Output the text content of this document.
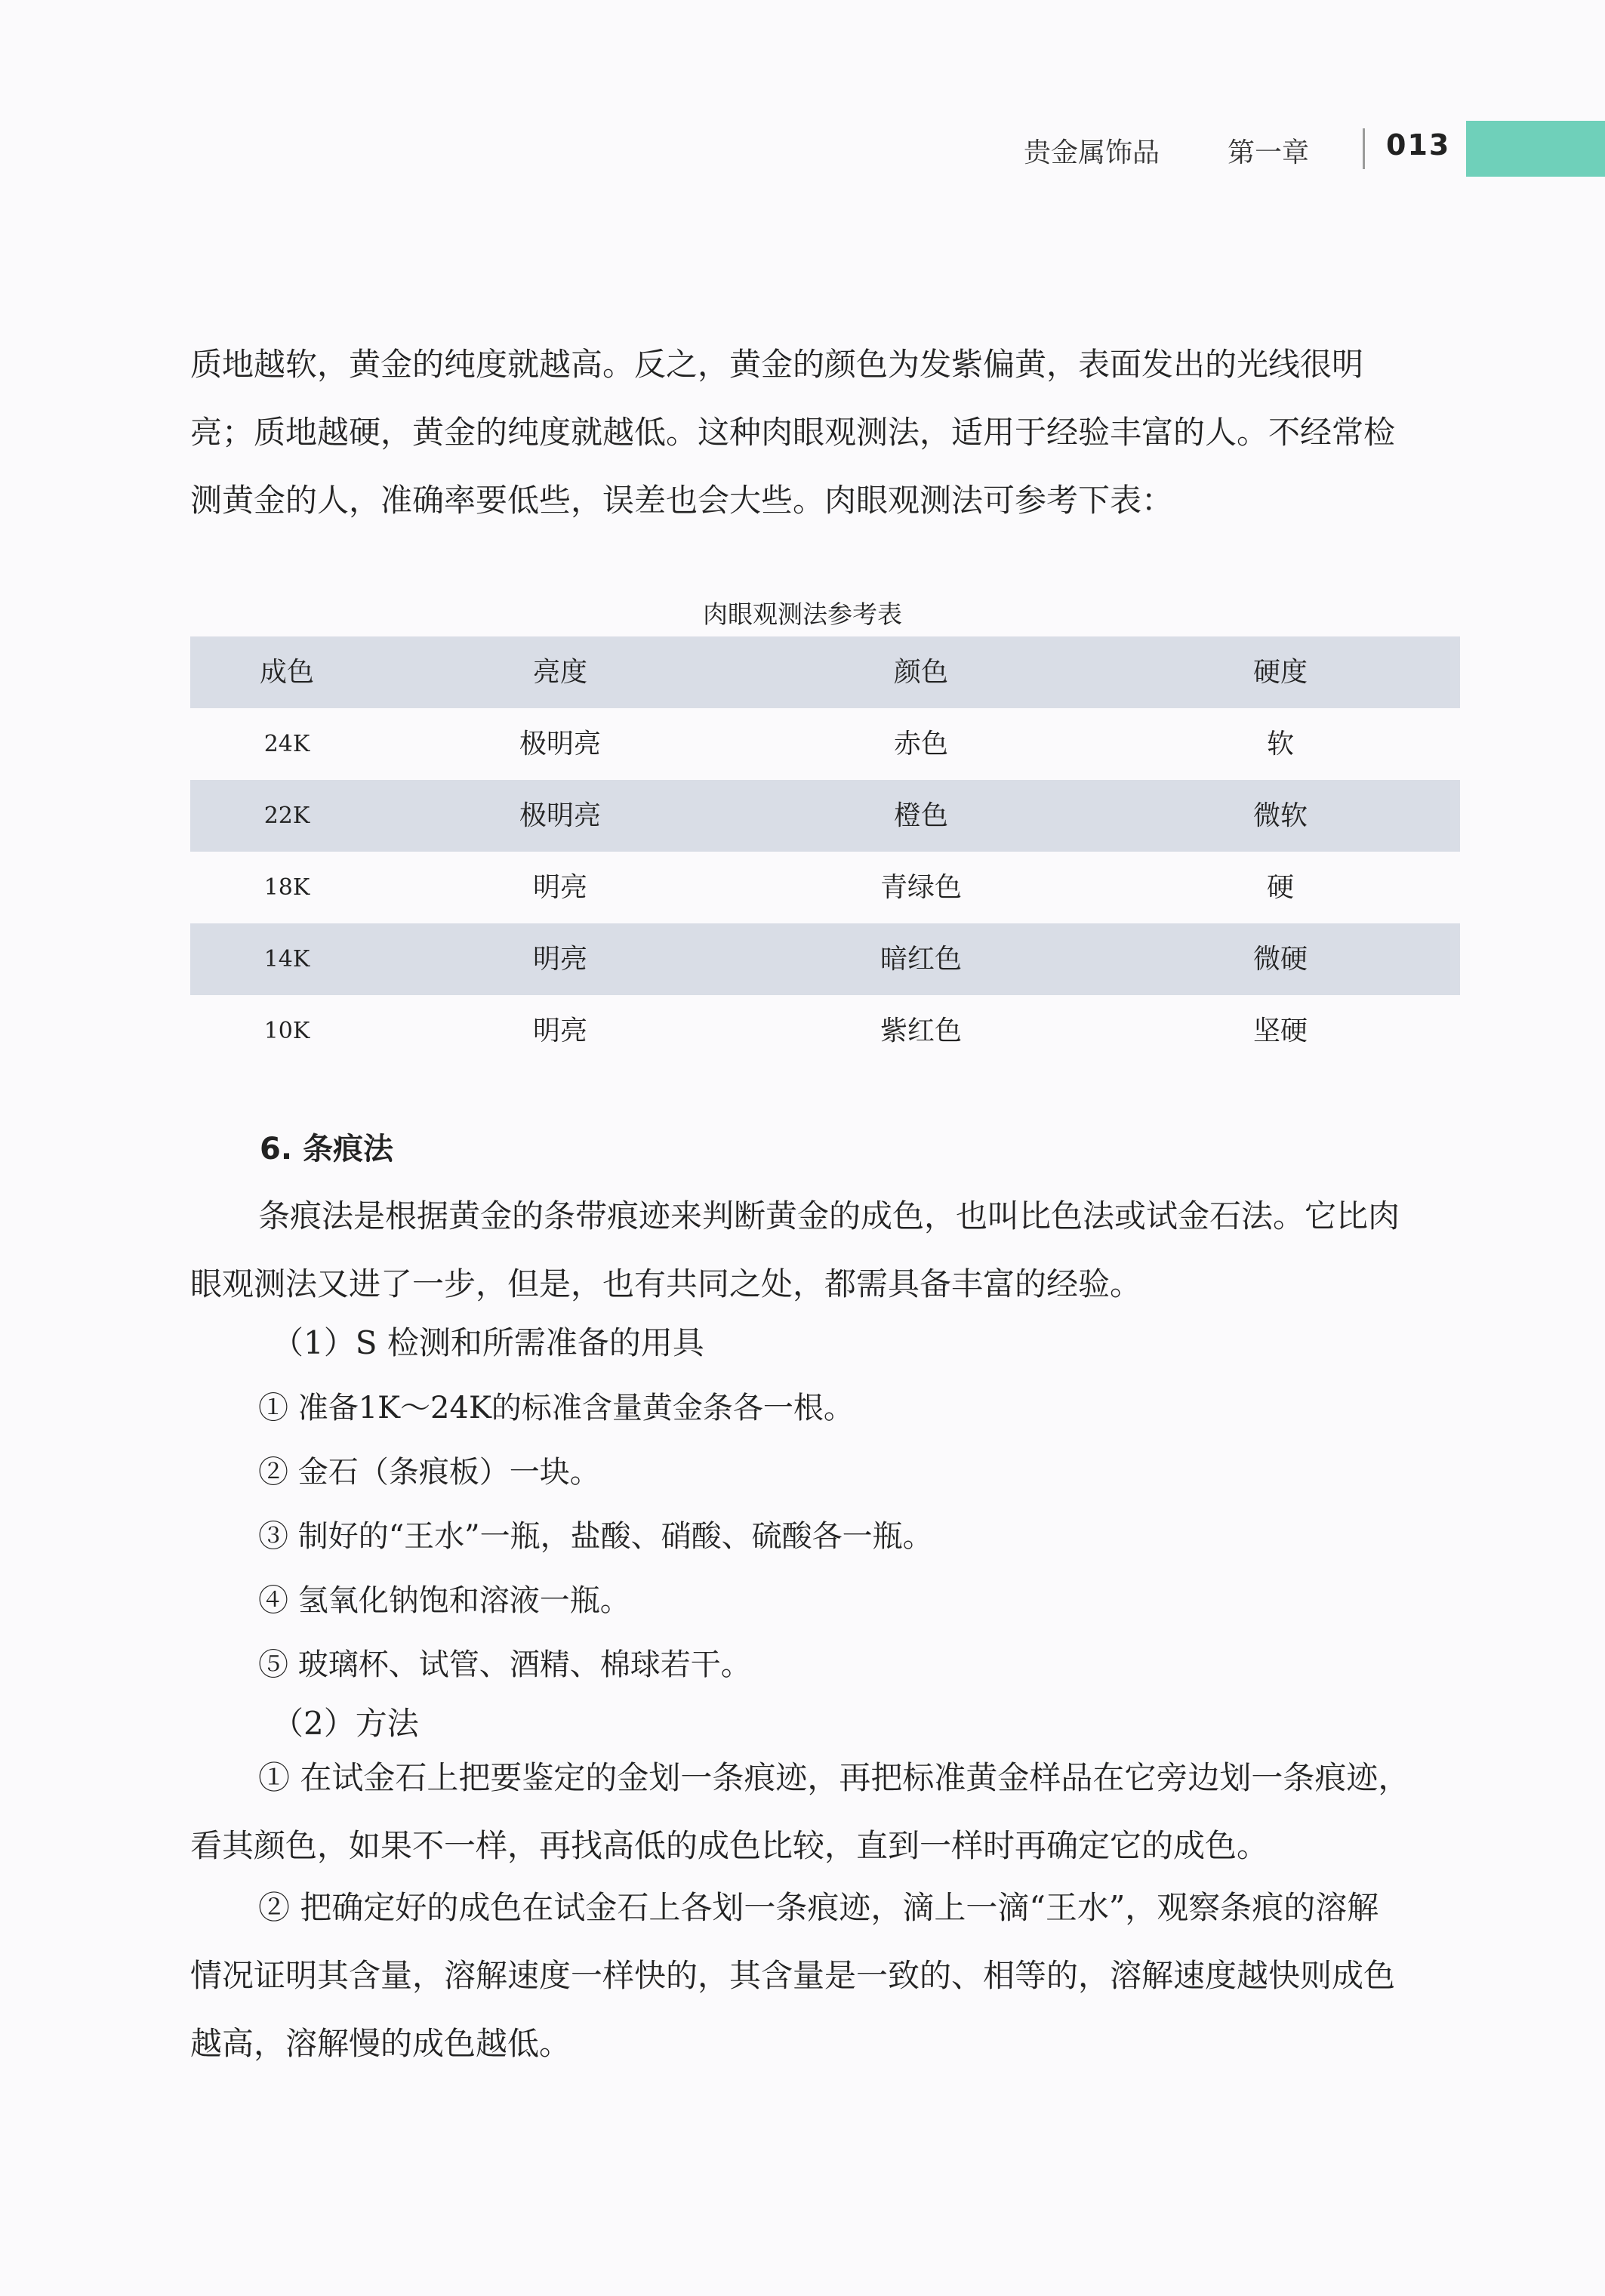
贵金属饰品 第一章	013

质地越软，黄金的纯度就越高。反之，黄金的颜色为发紫偏黄，表面发出的光线很明

亮；质地越硬，黄金的纯度就越低。这种肉眼观测法，适用于经验丰富的人。不经常检

测黄金的人，准确率要低些，误差也会大些。肉眼观测法可参考下表：

肉眼观测法参考表
成色	亮度	颜色	硬度
24K	极明亮	赤色	软
22K	极明亮	橙色	微软
18K	明亮	青绿色	硬
14K	明亮	暗红色	微硬
10K	明亮	紫红色	坚硬
6. 条痕法

条痕法是根据黄金的条带痕迹来判断黄金的成色，也叫比色法或试金石法。它比肉

眼观测法又进了一步，但是，也有共同之处，都需具备丰富的经验。

（1）S 检测和所需准备的用具
① 准备1K～24K的标准含量黄金条各一根。
② 金石（条痕板）一块。
③ 制好的“王水”一瓶，盐酸、硝酸、硫酸各一瓶。
④ 氢氧化钠饱和溶液一瓶。
⑤ 玻璃杯、试管、酒精、棉球若干。
（2）方法

① 在试金石上把要鉴定的金划一条痕迹，再把标准黄金样品在它旁边划一条痕迹，

看其颜色，如果不一样，再找高低的成色比较，直到一样时再确定它的成色。

② 把确定好的成色在试金石上各划一条痕迹，滴上一滴“王水”，观察条痕的溶解

情况证明其含量，溶解速度一样快的，其含量是一致的、相等的，溶解速度越快则成色

越高，溶解慢的成色越低。
